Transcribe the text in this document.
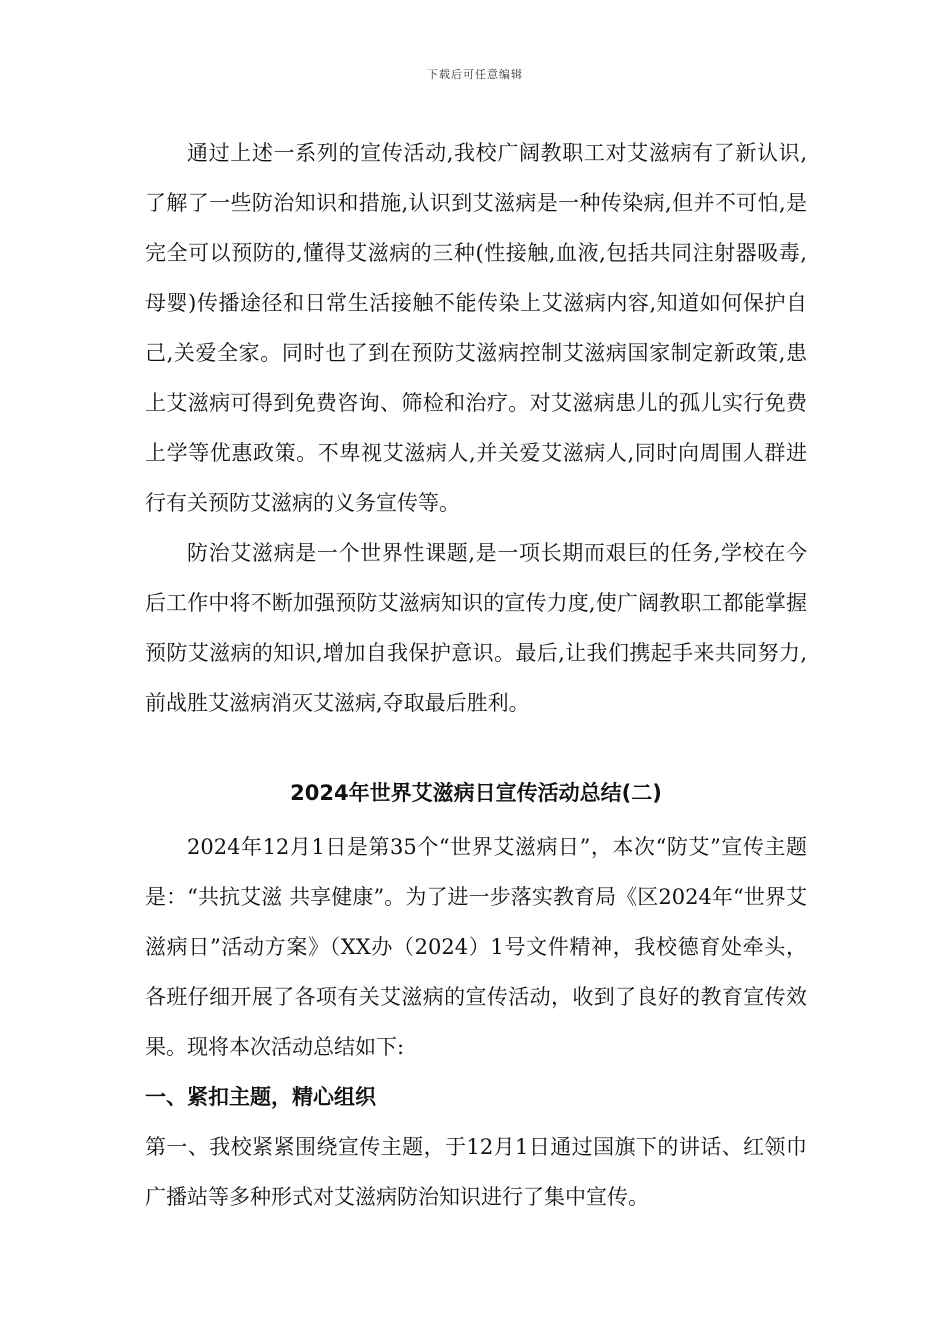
下载后可任意编辑

通过上述一系列的宣传活动,我校广阔教职工对艾滋病有了新认识,了解了一些防治知识和措施,认识到艾滋病是一种传染病,但并不可怕,是完全可以预防的,懂得艾滋病的三种(性接触,血液,包括共同注射器吸毒,母婴)传播途径和日常生活接触不能传染上艾滋病内容,知道如何保护自己,关爱全家。同时也了到在预防艾滋病控制艾滋病国家制定新政策,患上艾滋病可得到免费咨询、筛检和治疗。对艾滋病患儿的孤儿实行免费上学等优惠政策。不卑视艾滋病人,并关爱艾滋病人,同时向周围人群进行有关预防艾滋病的义务宣传等。

防治艾滋病是一个世界性课题,是一项长期而艰巨的任务,学校在今后工作中将不断加强预防艾滋病知识的宣传力度,使广阔教职工都能掌握预防艾滋病的知识,增加自我保护意识。最后,让我们携起手来共同努力,前战胜艾滋病消灭艾滋病,夺取最后胜利。

2024年世界艾滋病日宣传活动总结(二)

2024年12月1日是第35个“世界艾滋病日”，本次“防艾”宣传主题是：“共抗艾滋 共享健康”。为了进一步落实教育局《区2024年“世界艾滋病日”活动方案》（XX办（2024）1号文件精神，我校德育处牵头，各班仔细开展了各项有关艾滋病的宣传活动，收到了良好的教育宣传效果。现将本次活动总结如下:

一、紧扣主题，精心组织

第一、我校紧紧围绕宣传主题，于12月1日通过国旗下的讲话、红领巾广播站等多种形式对艾滋病防治知识进行了集中宣传。
